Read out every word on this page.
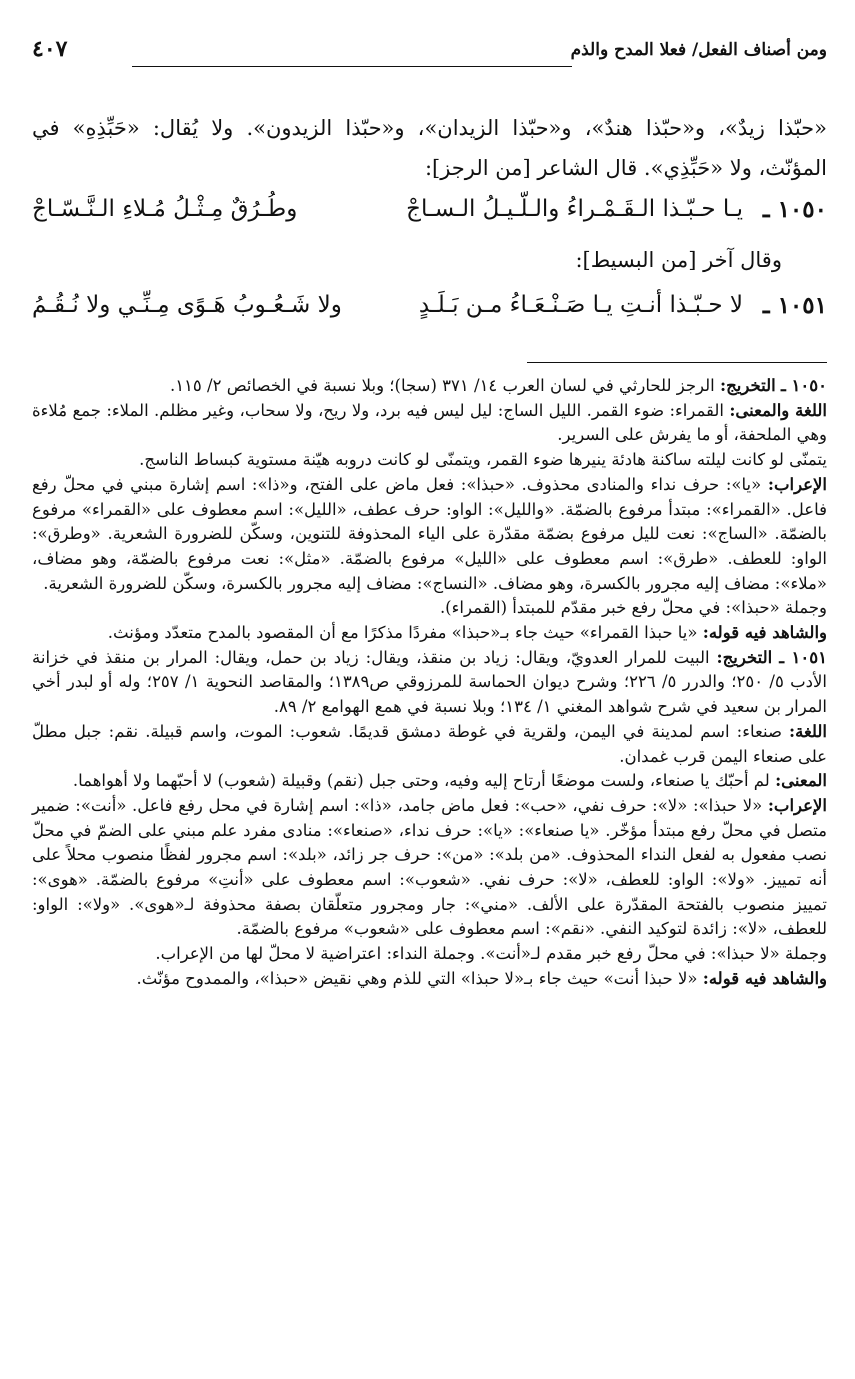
ومن أصناف الفعل/ فعلا المدح والذم
٤٠٧
«حبّذا زيدٌ»، و«حبّذا هندٌ»، و«حبّذا الزيدان»، و«حبّذا الزيدون». ولا يُقال: «حَبِّذِهِ» في المؤنّث، ولا «حَبِّذِي». قال الشاعر [من الرجز]:
١٠٥٠ ـ
يـا حـبّـذا الـقَـمْـراءُ والـلّـيـلُ الـسـاجْ
وطُـرُقٌ مِـثْـلُ مُـلاءِ الـنَّـسّـاجْ
وقال آخر [من البسيط]:
١٠٥١ ـ
لا حـبّـذا أنـتِ يـا صَـنْـعَـاءُ مـن بَـلَـدٍ
ولا شَـعُـوبُ هَـوًى مِـنِّـي ولا نُـقُـمُ

١٠٥٠ ـ التخريج: الرجز للحارثي في لسان العرب ١٤/ ٣٧١ (سجا)؛ وبلا نسبة في الخصائص ٢/ ١١٥.

اللغة والمعنى: القمراء: ضوء القمر. الليل الساج: ليل ليس فيه برد، ولا ريح، ولا سحاب، وغير مظلم. الملاء: جمع مُلاءة وهي الملحفة، أو ما يفرش على السرير.

يتمنّى لو كانت ليلته ساكنة هادئة ينيرها ضوء القمر، ويتمنّى لو كانت دروبه هيّنة مستوية كبساط الناسج.

الإعراب: «يا»: حرف نداء والمنادى محذوف. «حبذا»: فعل ماض على الفتح، و«ذا»: اسم إشارة مبني في محلّ رفع فاعل. «القمراء»: مبتدأ مرفوع بالضمّة. «والليل»: الواو: حرف عطف، «الليل»: اسم معطوف على «القمراء» مرفوع بالضمّة. «الساج»: نعت لليل مرفوع بضمّة مقدّرة على الياء المحذوفة للتنوين، وسكّن للضرورة الشعرية. «وطرق»: الواو: للعطف. «طرق»: اسم معطوف على «الليل» مرفوع بالضمّة. «مثل»: نعت مرفوع بالضمّة، وهو مضاف، «ملاء»: مضاف إليه مجرور بالكسرة، وهو مضاف. «النساج»: مضاف إليه مجرور بالكسرة، وسكّن للضرورة الشعرية.

وجملة «حبذا»: في محلّ رفع خبر مقدّم للمبتدأ (القمراء).

والشاهد فيه قوله: «يا حبذا القمراء» حيث جاء بـ«حبذا» مفردًا مذكرًا مع أن المقصود بالمدح متعدّد ومؤنث.

١٠٥١ ـ التخريج: البيت للمرار العدويّ، ويقال: زياد بن منقذ، ويقال: زياد بن حمل، ويقال: المرار بن منقذ في خزانة الأدب ٥/ ٢٥٠؛ والدرر ٥/ ٢٢٦؛ وشرح ديوان الحماسة للمرزوقي ص١٣٨٩؛ والمقاصد النحوية ١/ ٢٥٧؛ وله أو لبدر أخي المرار بن سعيد في شرح شواهد المغني ١/ ١٣٤؛ وبلا نسبة في همع الهوامع ٢/ ٨٩.

اللغة: صنعاء: اسم لمدينة في اليمن، ولقرية في غوطة دمشق قديمًا. شعوب: الموت، واسم قبيلة. نقم: جبل مطلّ على صنعاء اليمن قرب غمدان.

المعنى: لم أحبّك يا صنعاء، ولست موضعًا أرتاح إليه وفيه، وحتى جبل (نقم) وقبيلة (شعوب) لا أحبّهما ولا أهواهما.

الإعراب: «لا حبذا»: «لا»: حرف نفي، «حب»: فعل ماض جامد، «ذا»: اسم إشارة في محل رفع فاعل. «أنت»: ضمير متصل في محلّ رفع مبتدأ مؤخّر. «يا صنعاء»: «يا»: حرف نداء، «صنعاء»: منادى مفرد علم مبني على الضمّ في محلّ نصب مفعول به لفعل النداء المحذوف. «من بلد»: «من»: حرف جر زائد، «بلد»: اسم مجرور لفظًا منصوب محلاً على أنه تمييز. «ولا»: الواو: للعطف، «لا»: حرف نفي. «شعوب»: اسم معطوف على «أنتِ» مرفوع بالضمّة. «هوى»: تمييز منصوب بالفتحة المقدّرة على الألف. «مني»: جار ومجرور متعلّقان بصفة محذوفة لـ«هوى». «ولا»: الواو: للعطف، «لا»: زائدة لتوكيد النفي. «نقم»: اسم معطوف على «شعوب» مرفوع بالضمّة.

وجملة «لا حبذا»: في محلّ رفع خبر مقدم لـ«أنت». وجملة النداء: اعتراضية لا محلّ لها من الإعراب.

والشاهد فيه قوله: «لا حبذا أنت» حيث جاء بـ«لا حبذا» التي للذم وهي نقيض «حبذا»، والممدوح مؤنّث.
